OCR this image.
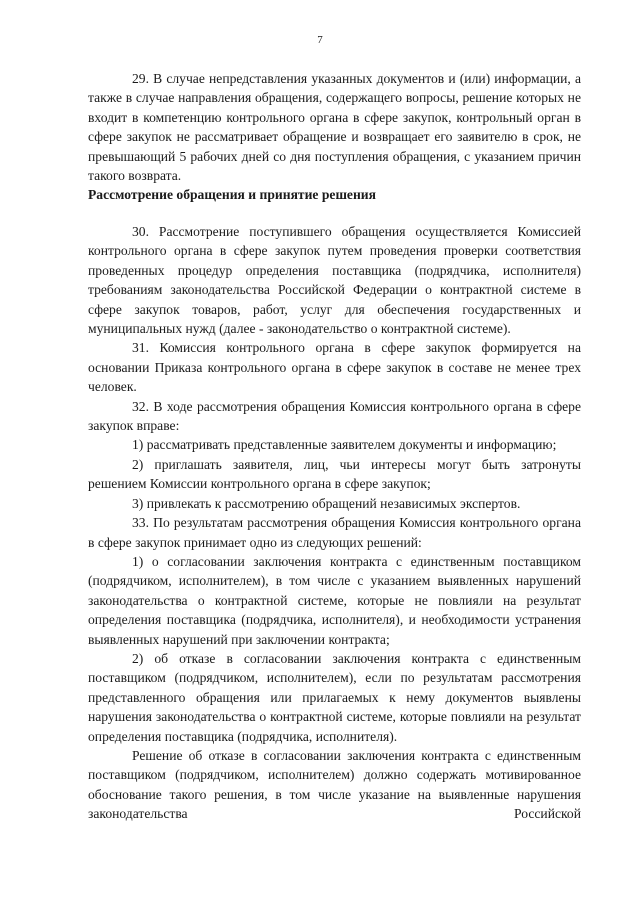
7

29. В случае непредставления указанных документов и (или) информации, а также в случае направления обращения, содержащего вопросы, решение которых не входит в компетенцию контрольного органа в сфере закупок, контрольный орган в сфере закупок не рассматривает обращение и возвращает его заявителю в срок, не превышающий 5 рабочих дней со дня поступления обращения, с указанием причин такого возврата.

Рассмотрение обращения и принятие решения

30. Рассмотрение поступившего обращения осуществляется Комиссией контрольного органа в сфере закупок путем проведения проверки соответствия проведенных процедур определения поставщика (подрядчика, исполнителя) требованиям законодательства Российской Федерации о контрактной системе в сфере закупок товаров, работ, услуг для обеспечения государственных и муниципальных нужд (далее - законодательство о контрактной системе).

31. Комиссия контрольного органа в сфере закупок формируется на основании Приказа контрольного органа в сфере закупок в составе не менее трех человек.

32. В ходе рассмотрения обращения Комиссия контрольного органа в сфере закупок вправе:

1) рассматривать представленные заявителем документы и информацию;

2) приглашать заявителя, лиц, чьи интересы могут быть затронуты решением Комиссии контрольного органа в сфере закупок;

3) привлекать к рассмотрению обращений независимых экспертов.

33. По результатам рассмотрения обращения Комиссия контрольного органа в сфере закупок принимает одно из следующих решений:

1) о согласовании заключения контракта с единственным поставщиком (подрядчиком, исполнителем), в том числе с указанием выявленных нарушений законодательства о контрактной системе, которые не повлияли на результат определения поставщика (подрядчика, исполнителя), и необходимости устранения выявленных нарушений при заключении контракта;

2) об отказе в согласовании заключения контракта с единственным поставщиком (подрядчиком, исполнителем), если по результатам рассмотрения представленного обращения или прилагаемых к нему документов выявлены нарушения законодательства о контрактной системе, которые повлияли на результат определения поставщика (подрядчика, исполнителя).

Решение об отказе в согласовании заключения контракта с единственным поставщиком (подрядчиком, исполнителем) должно содержать мотивированное обоснование такого решения, в том числе указание на выявленные нарушения законодательства Российской
